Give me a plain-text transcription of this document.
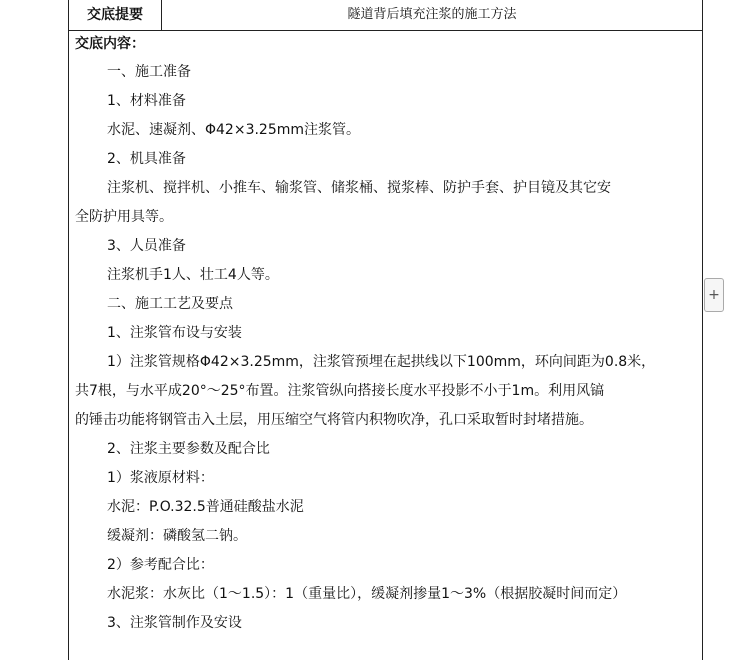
交底提要	隧道背后填充注浆的施工方法
交底内容：
一、施工准备
1、材料准备
水泥、速凝剂、Φ42×3.25mm注浆管。
2、机具准备
注浆机、搅拌机、小推车、输浆管、储浆桶、搅浆棒、防护手套、护目镜及其它安
全防护用具等。
3、人员准备
注浆机手1人、壮工4人等。
二、施工工艺及要点
1、注浆管布设与安装
1）注浆管规格Φ42×3.25mm，注浆管预埋在起拱线以下100mm，环向间距为0.8米，
共7根，与水平成20°～25°布置。注浆管纵向搭接长度水平投影不小于1m。利用风镐
的锤击功能将钢管击入土层，用压缩空气将管内积物吹净，孔口采取暂时封堵措施。
2、注浆主要参数及配合比
1）浆液原材料：
水泥：P.O.32.5普通硅酸盐水泥
缓凝剂：磷酸氢二钠。
2）参考配合比：
水泥浆：水灰比（1～1.5）：1（重量比），缓凝剂掺量1～3%（根据胶凝时间而定）
3、注浆管制作及安设
+
